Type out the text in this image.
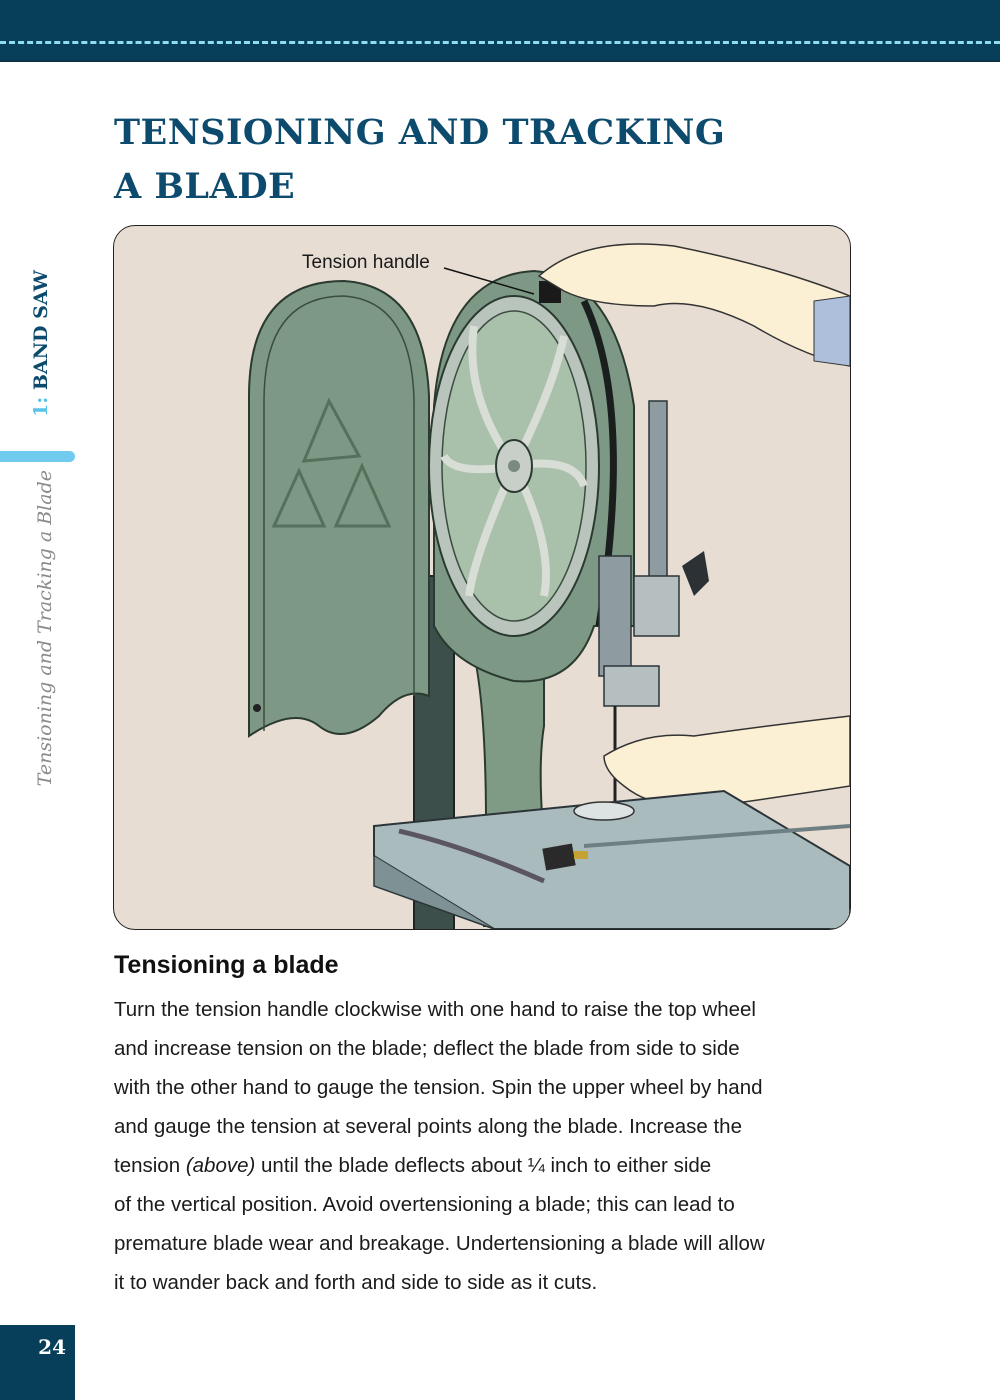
1: BAND SAW
Tensioning and Tracking a Blade
TENSIONING AND TRACKING
A BLADE
Tension handle
Tensioning a blade

Turn the tension handle clockwise with one hand to raise the top wheel
and increase tension on the blade; deflect the blade from side to side
with the other hand to gauge the tension. Spin the upper wheel by hand
and gauge the tension at several points along the blade. Increase the
tension (above) until the blade deflects about ¼ inch to either side
of the vertical position. Avoid overtensioning a blade; this can lead to
premature blade wear and breakage. Undertensioning a blade will allow
it to wander back and forth and side to side as it cuts.

24
